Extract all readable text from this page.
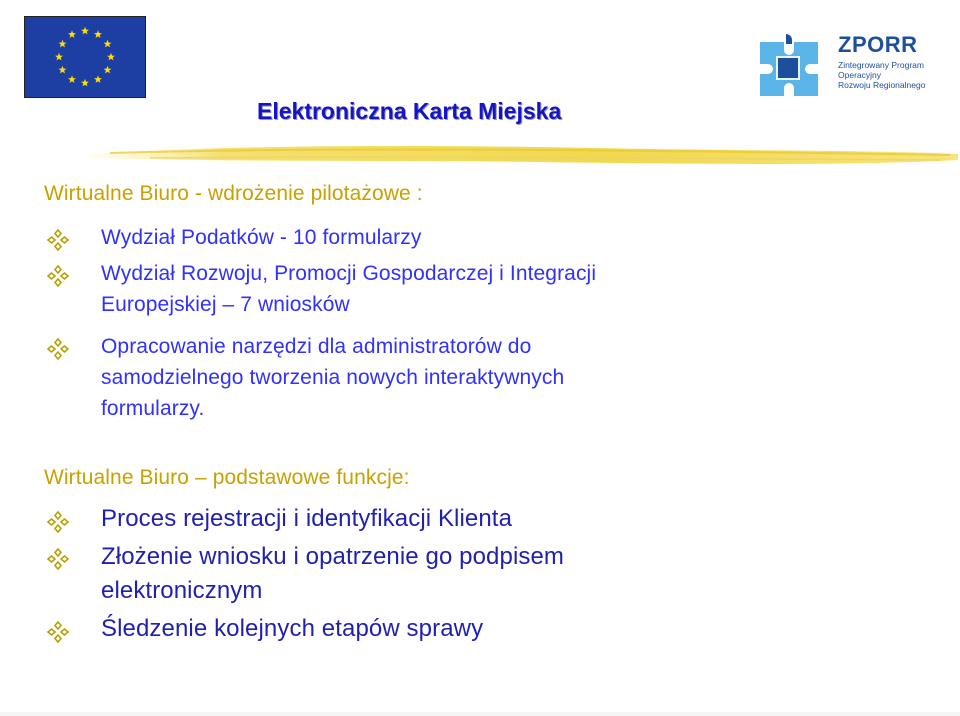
ZPORR
Zintegrowany Program
Operacyjny
Rozwoju Regionalnego
Elektroniczna Karta Miejska
Wirtualne Biuro - wdrożenie pilotażowe :
Wydział Podatków - 10 formularzy
Wydział Rozwoju, Promocji Gospodarczej i Integracji
Europejskiej – 7 wniosków
Opracowanie narzędzi dla administratorów do
samodzielnego tworzenia nowych interaktywnych
formularzy.
Wirtualne Biuro – podstawowe funkcje:
Proces rejestracji i identyfikacji Klienta
Złożenie wniosku i opatrzenie go podpisem
elektronicznym
Śledzenie kolejnych etapów sprawy
